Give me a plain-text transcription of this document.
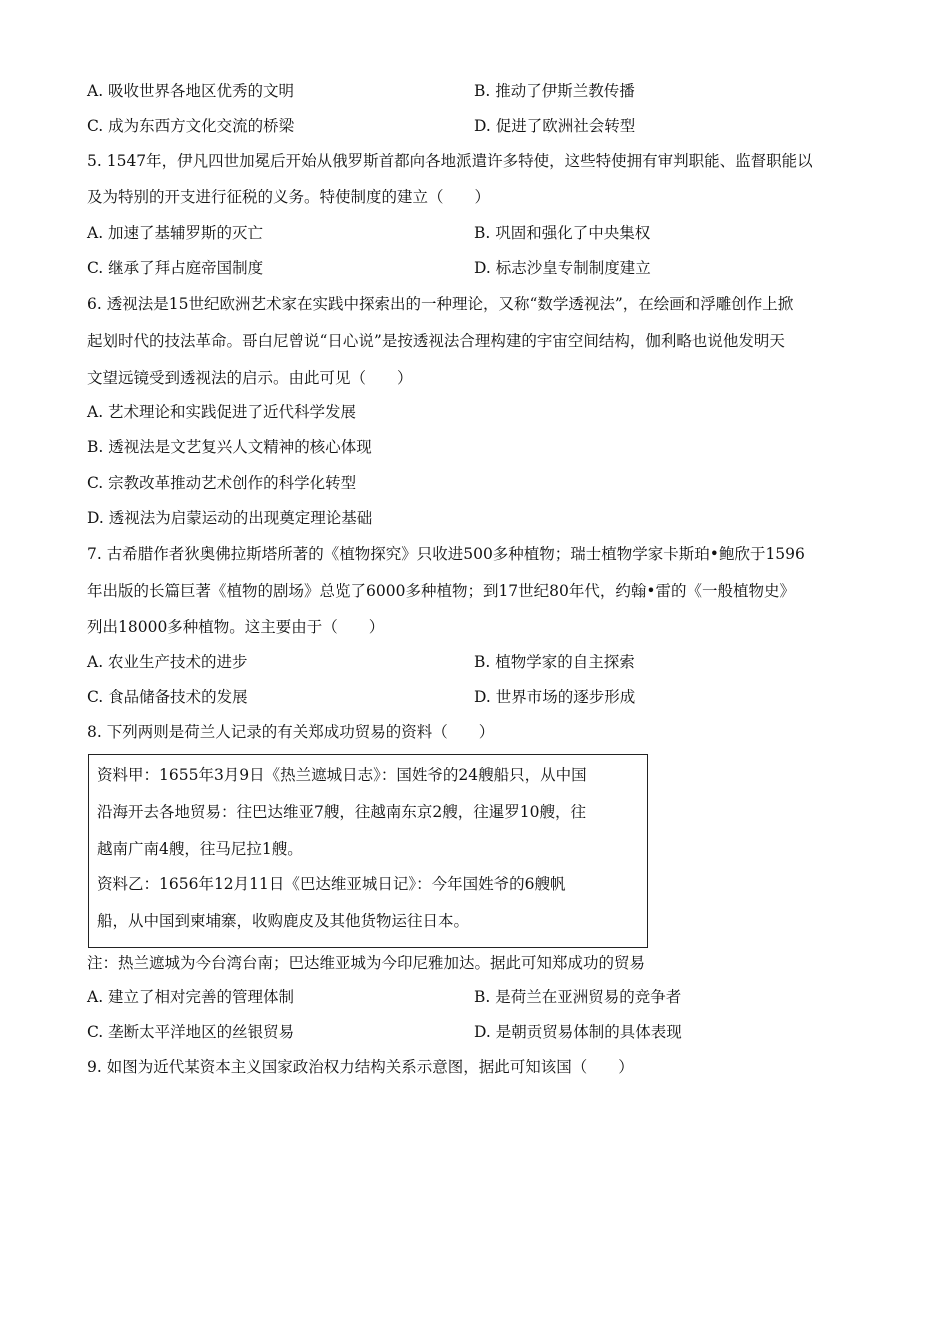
A. 吸收世界各地区优秀的文明	B. 推动了伊斯兰教传播
C. 成为东西方文化交流的桥梁	D. 促进了欧洲社会转型
5. 1547年，伊凡四世加冕后开始从俄罗斯首都向各地派遣许多特使，这些特使拥有审判职能、监督职能以
及为特别的开支进行征税的义务。特使制度的建立（　　）
A. 加速了基辅罗斯的灭亡	B. 巩固和强化了中央集权
C. 继承了拜占庭帝国制度	D. 标志沙皇专制制度建立
6. 透视法是15世纪欧洲艺术家在实践中探索出的一种理论，又称“数学透视法”，在绘画和浮雕创作上掀
起划时代的技法革命。哥白尼曾说“日心说”是按透视法合理构建的宇宙空间结构，伽利略也说他发明天
文望远镜受到透视法的启示。由此可见（　　）
A. 艺术理论和实践促进了近代科学发展
B. 透视法是文艺复兴人文精神的核心体现
C. 宗教改革推动艺术创作的科学化转型
D. 透视法为启蒙运动的出现奠定理论基础
7. 古希腊作者狄奥佛拉斯塔所著的《植物探究》只收进500多种植物；瑞士植物学家卡斯珀•鲍欣于1596
年出版的长篇巨著《植物的剧场》总览了6000多种植物；到17世纪80年代，约翰•雷的《一般植物史》
列出18000多种植物。这主要由于（　　）
A. 农业生产技术的进步	B. 植物学家的自主探索
C. 食品储备技术的发展	D. 世界市场的逐步形成
8. 下列两则是荷兰人记录的有关郑成功贸易的资料（　　）
资料甲：1655年3月9日《热兰遮城日志》：国姓爷的24艘船只，从中国
沿海开去各地贸易：往巴达维亚7艘，往越南东京2艘，往暹罗10艘，往
越南广南4艘，往马尼拉1艘。
资料乙：1656年12月11日《巴达维亚城日记》：今年国姓爷的6艘帆
船，从中国到柬埔寨，收购鹿皮及其他货物运往日本。
注：热兰遮城为今台湾台南；巴达维亚城为今印尼雅加达。据此可知郑成功的贸易
A. 建立了相对完善的管理体制	B. 是荷兰在亚洲贸易的竞争者
C. 垄断太平洋地区的丝银贸易	D. 是朝贡贸易体制的具体表现
9. 如图为近代某资本主义国家政治权力结构关系示意图，据此可知该国（　　）
